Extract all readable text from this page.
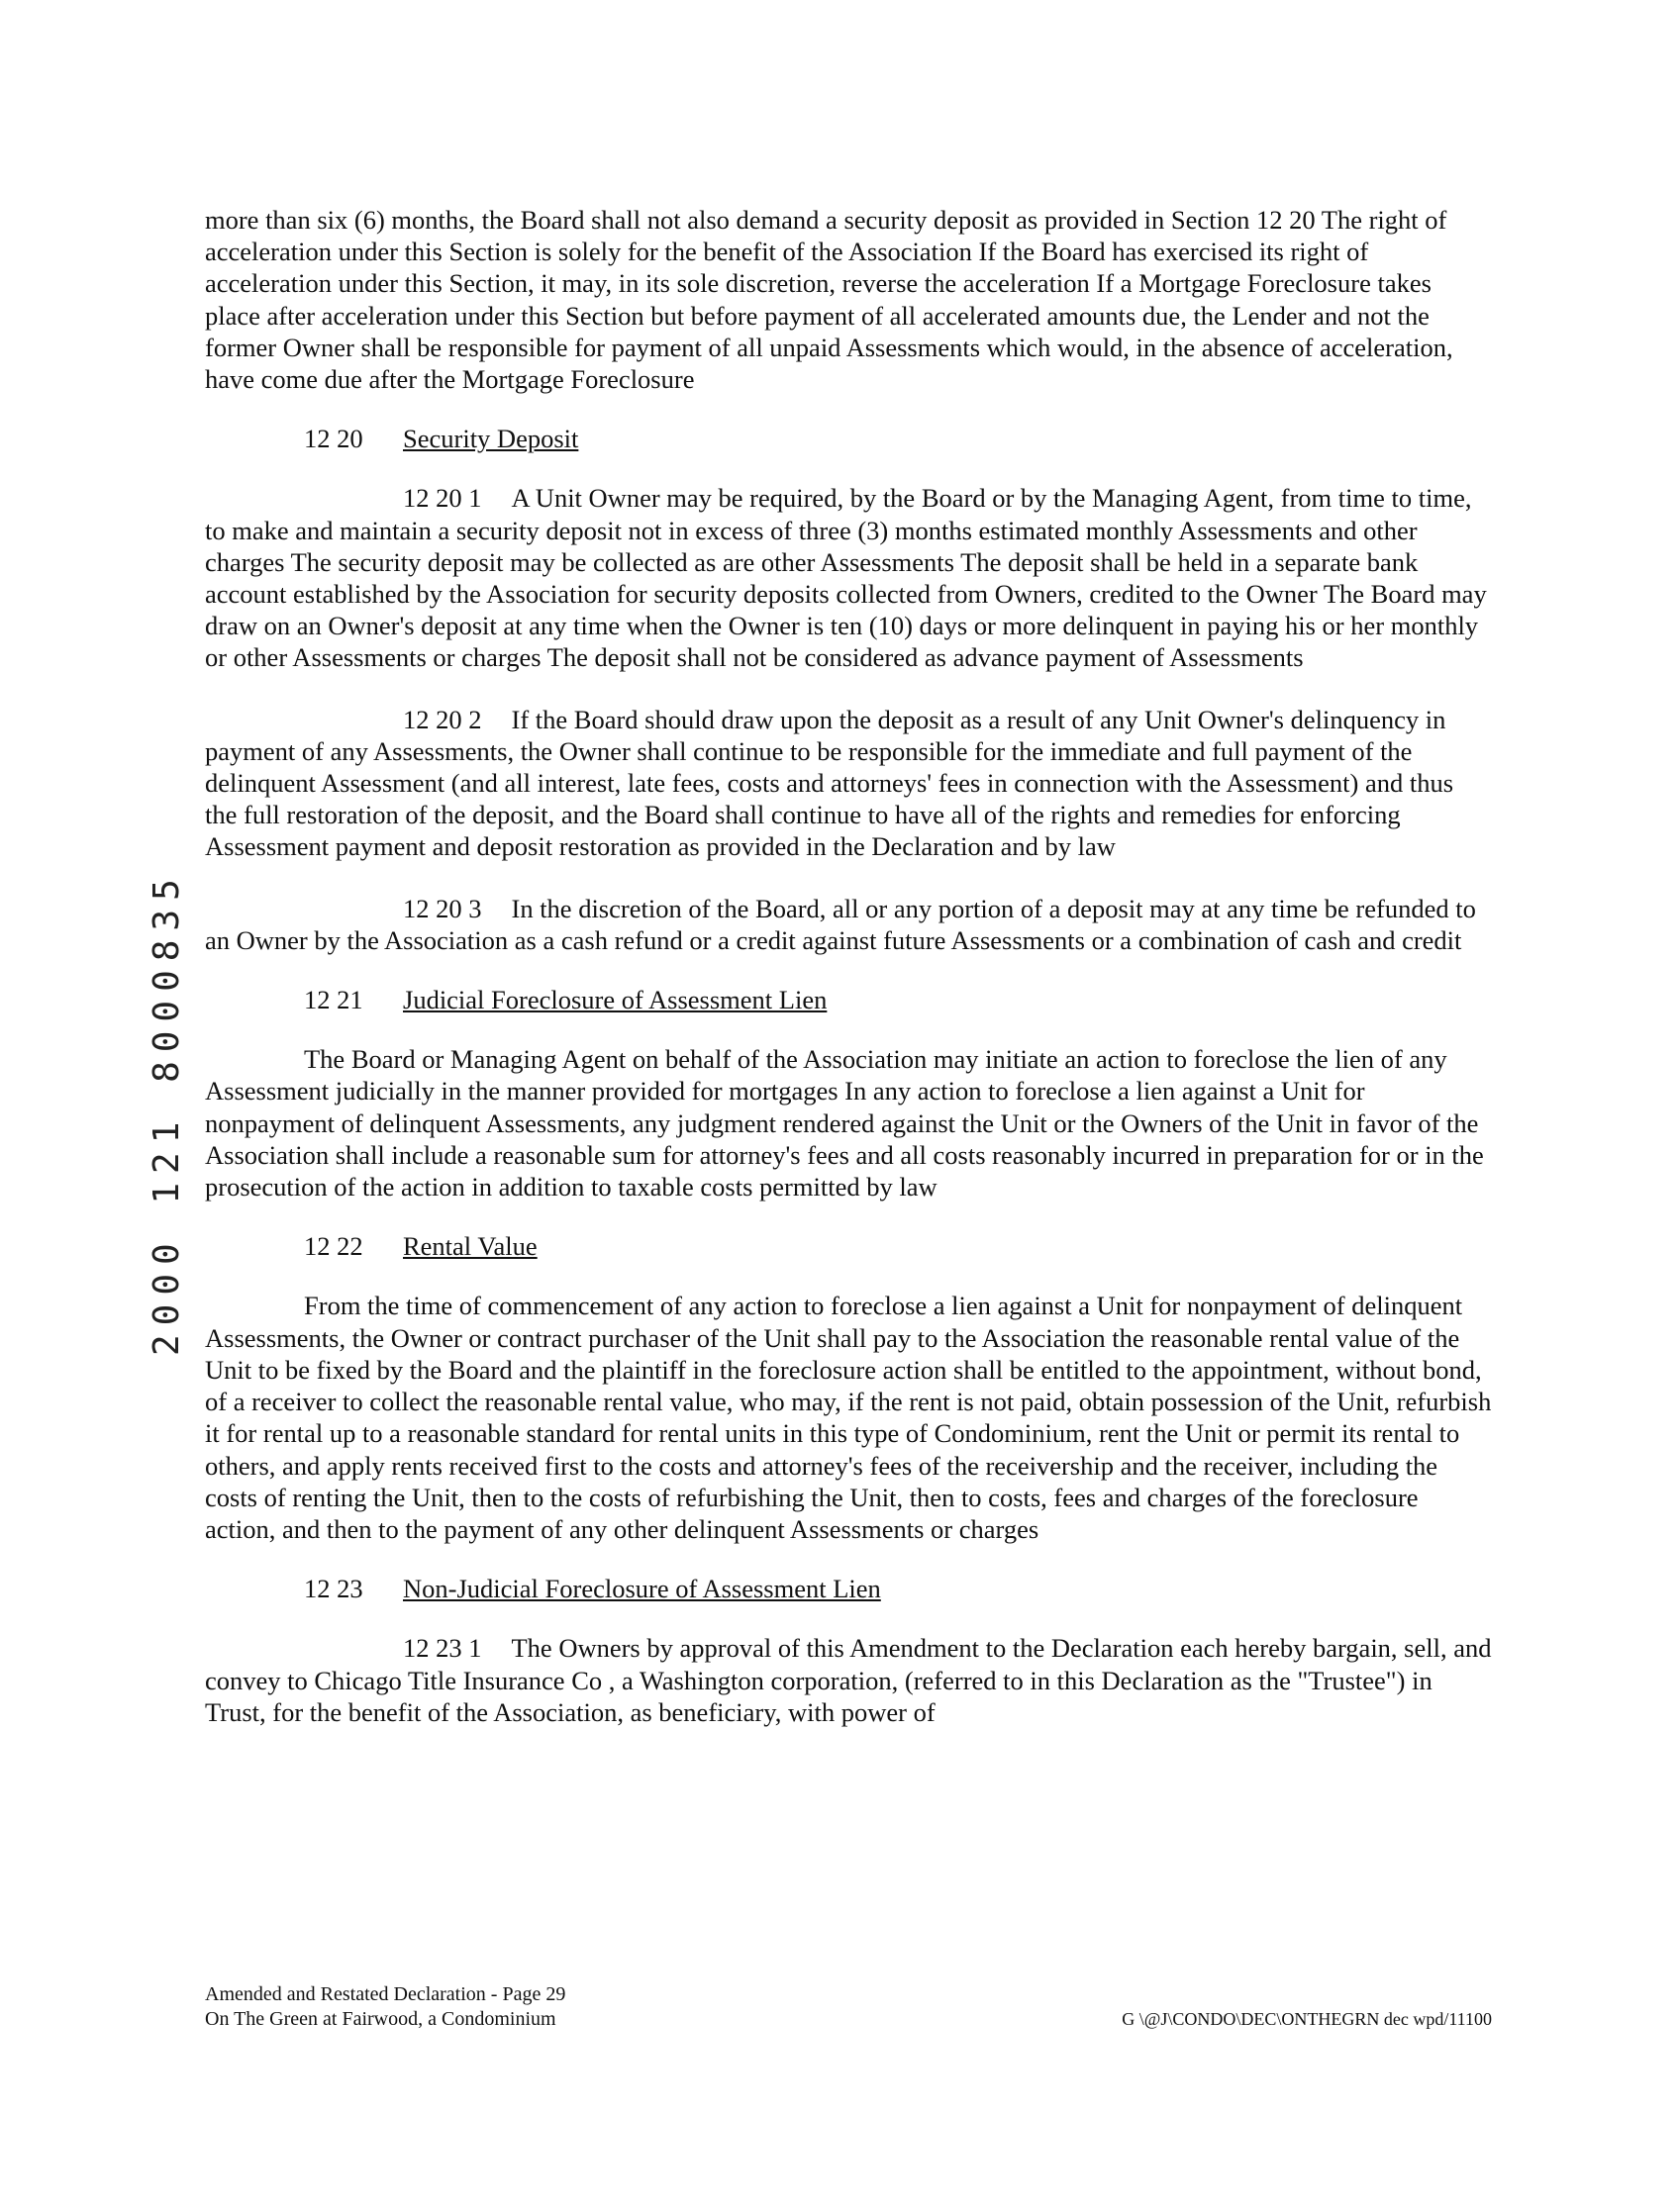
more than six (6) months, the Board shall not also demand a security deposit as provided in Section 12 20 The right of acceleration under this Section is solely for the benefit of the Association If the Board has exercised its right of acceleration under this Section, it may, in its sole discretion, reverse the acceleration If a Mortgage Foreclosure takes place after acceleration under this Section but before payment of all accelerated amounts due, the Lender and not the former Owner shall be responsible for payment of all unpaid Assessments which would, in the absence of acceleration, have come due after the Mortgage Foreclosure

12 20 Security Deposit

12 20 1 A Unit Owner may be required, by the Board or by the Managing Agent, from time to time, to make and maintain a security deposit not in excess of three (3) months estimated monthly Assessments and other charges The security deposit may be collected as are other Assessments The deposit shall be held in a separate bank account established by the Association for security deposits collected from Owners, credited to the Owner The Board may draw on an Owner's deposit at any time when the Owner is ten (10) days or more delinquent in paying his or her monthly or other Assessments or charges The deposit shall not be considered as advance payment of Assessments

12 20 2 If the Board should draw upon the deposit as a result of any Unit Owner's delinquency in payment of any Assessments, the Owner shall continue to be responsible for the immediate and full payment of the delinquent Assessment (and all interest, late fees, costs and attorneys' fees in connection with the Assessment) and thus the full restoration of the deposit, and the Board shall continue to have all of the rights and remedies for enforcing Assessment payment and deposit restoration as provided in the Declaration and by law

12 20 3 In the discretion of the Board, all or any portion of a deposit may at any time be refunded to an Owner by the Association as a cash refund or a credit against future Assessments or a combination of cash and credit

12 21 Judicial Foreclosure of Assessment Lien

The Board or Managing Agent on behalf of the Association may initiate an action to foreclose the lien of any Assessment judicially in the manner provided for mortgages In any action to foreclose a lien against a Unit for nonpayment of delinquent Assessments, any judgment rendered against the Unit or the Owners of the Unit in favor of the Association shall include a reasonable sum for attorney's fees and all costs reasonably incurred in preparation for or in the prosecution of the action in addition to taxable costs permitted by law

12 22 Rental Value

From the time of commencement of any action to foreclose a lien against a Unit for nonpayment of delinquent Assessments, the Owner or contract purchaser of the Unit shall pay to the Association the reasonable rental value of the Unit to be fixed by the Board and the plaintiff in the foreclosure action shall be entitled to the appointment, without bond, of a receiver to collect the reasonable rental value, who may, if the rent is not paid, obtain possession of the Unit, refurbish it for rental up to a reasonable standard for rental units in this type of Condominium, rent the Unit or permit its rental to others, and apply rents received first to the costs and attorney's fees of the receivership and the receiver, including the costs of renting the Unit, then to the costs of refurbishing the Unit, then to costs, fees and charges of the foreclosure action, and then to the payment of any other delinquent Assessments or charges

12 23 Non-Judicial Foreclosure of Assessment Lien

12 23 1 The Owners by approval of this Amendment to the Declaration each hereby bargain, sell, and convey to Chicago Title Insurance Co , a Washington corporation, (referred to in this Declaration as the "Trustee") in Trust, for the benefit of the Association, as beneficiary, with power of

Amended and Restated Declaration - Page 29
On The Green at Fairwood, a Condominium	G \@J\CONDO\DEC\ONTHEGRN dec wpd/11100
2000 121 8000835
